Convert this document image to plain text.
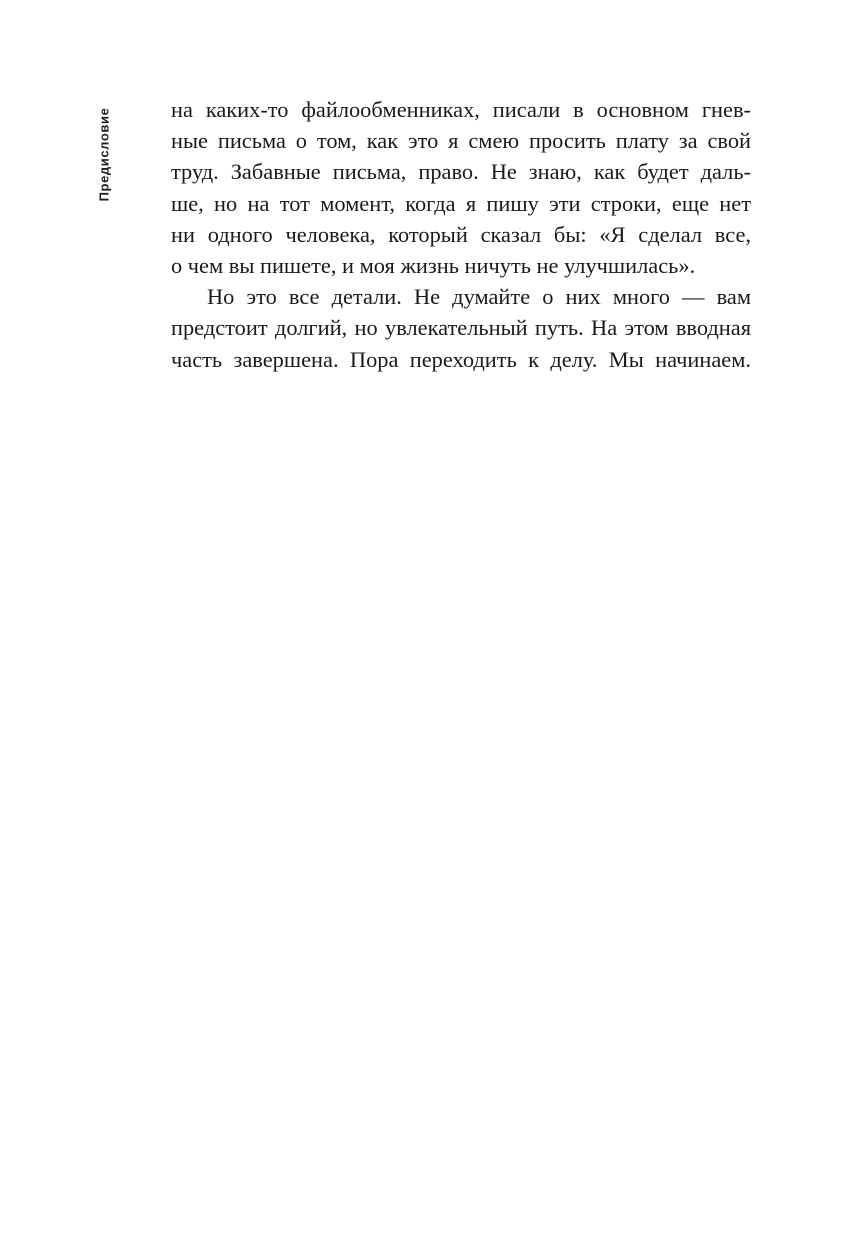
Предисловие	на каких-то файлообменниках, писали в основном гнев-
ные письма о том, как это я смею просить плату за свой
труд. Забавные письма, право. Не знаю, как будет даль-
ше, но на тот момент, когда я пишу эти строки, еще нет
ни одного человека, который сказал бы: «Я сделал все,
о чем вы пишете, и моя жизнь ничуть не улучшилась».
Но это все детали. Не думайте о них много — вам
предстоит долгий, но увлекательный путь. На этом вводная
часть завершена. Пора переходить к делу. Мы начинаем.
